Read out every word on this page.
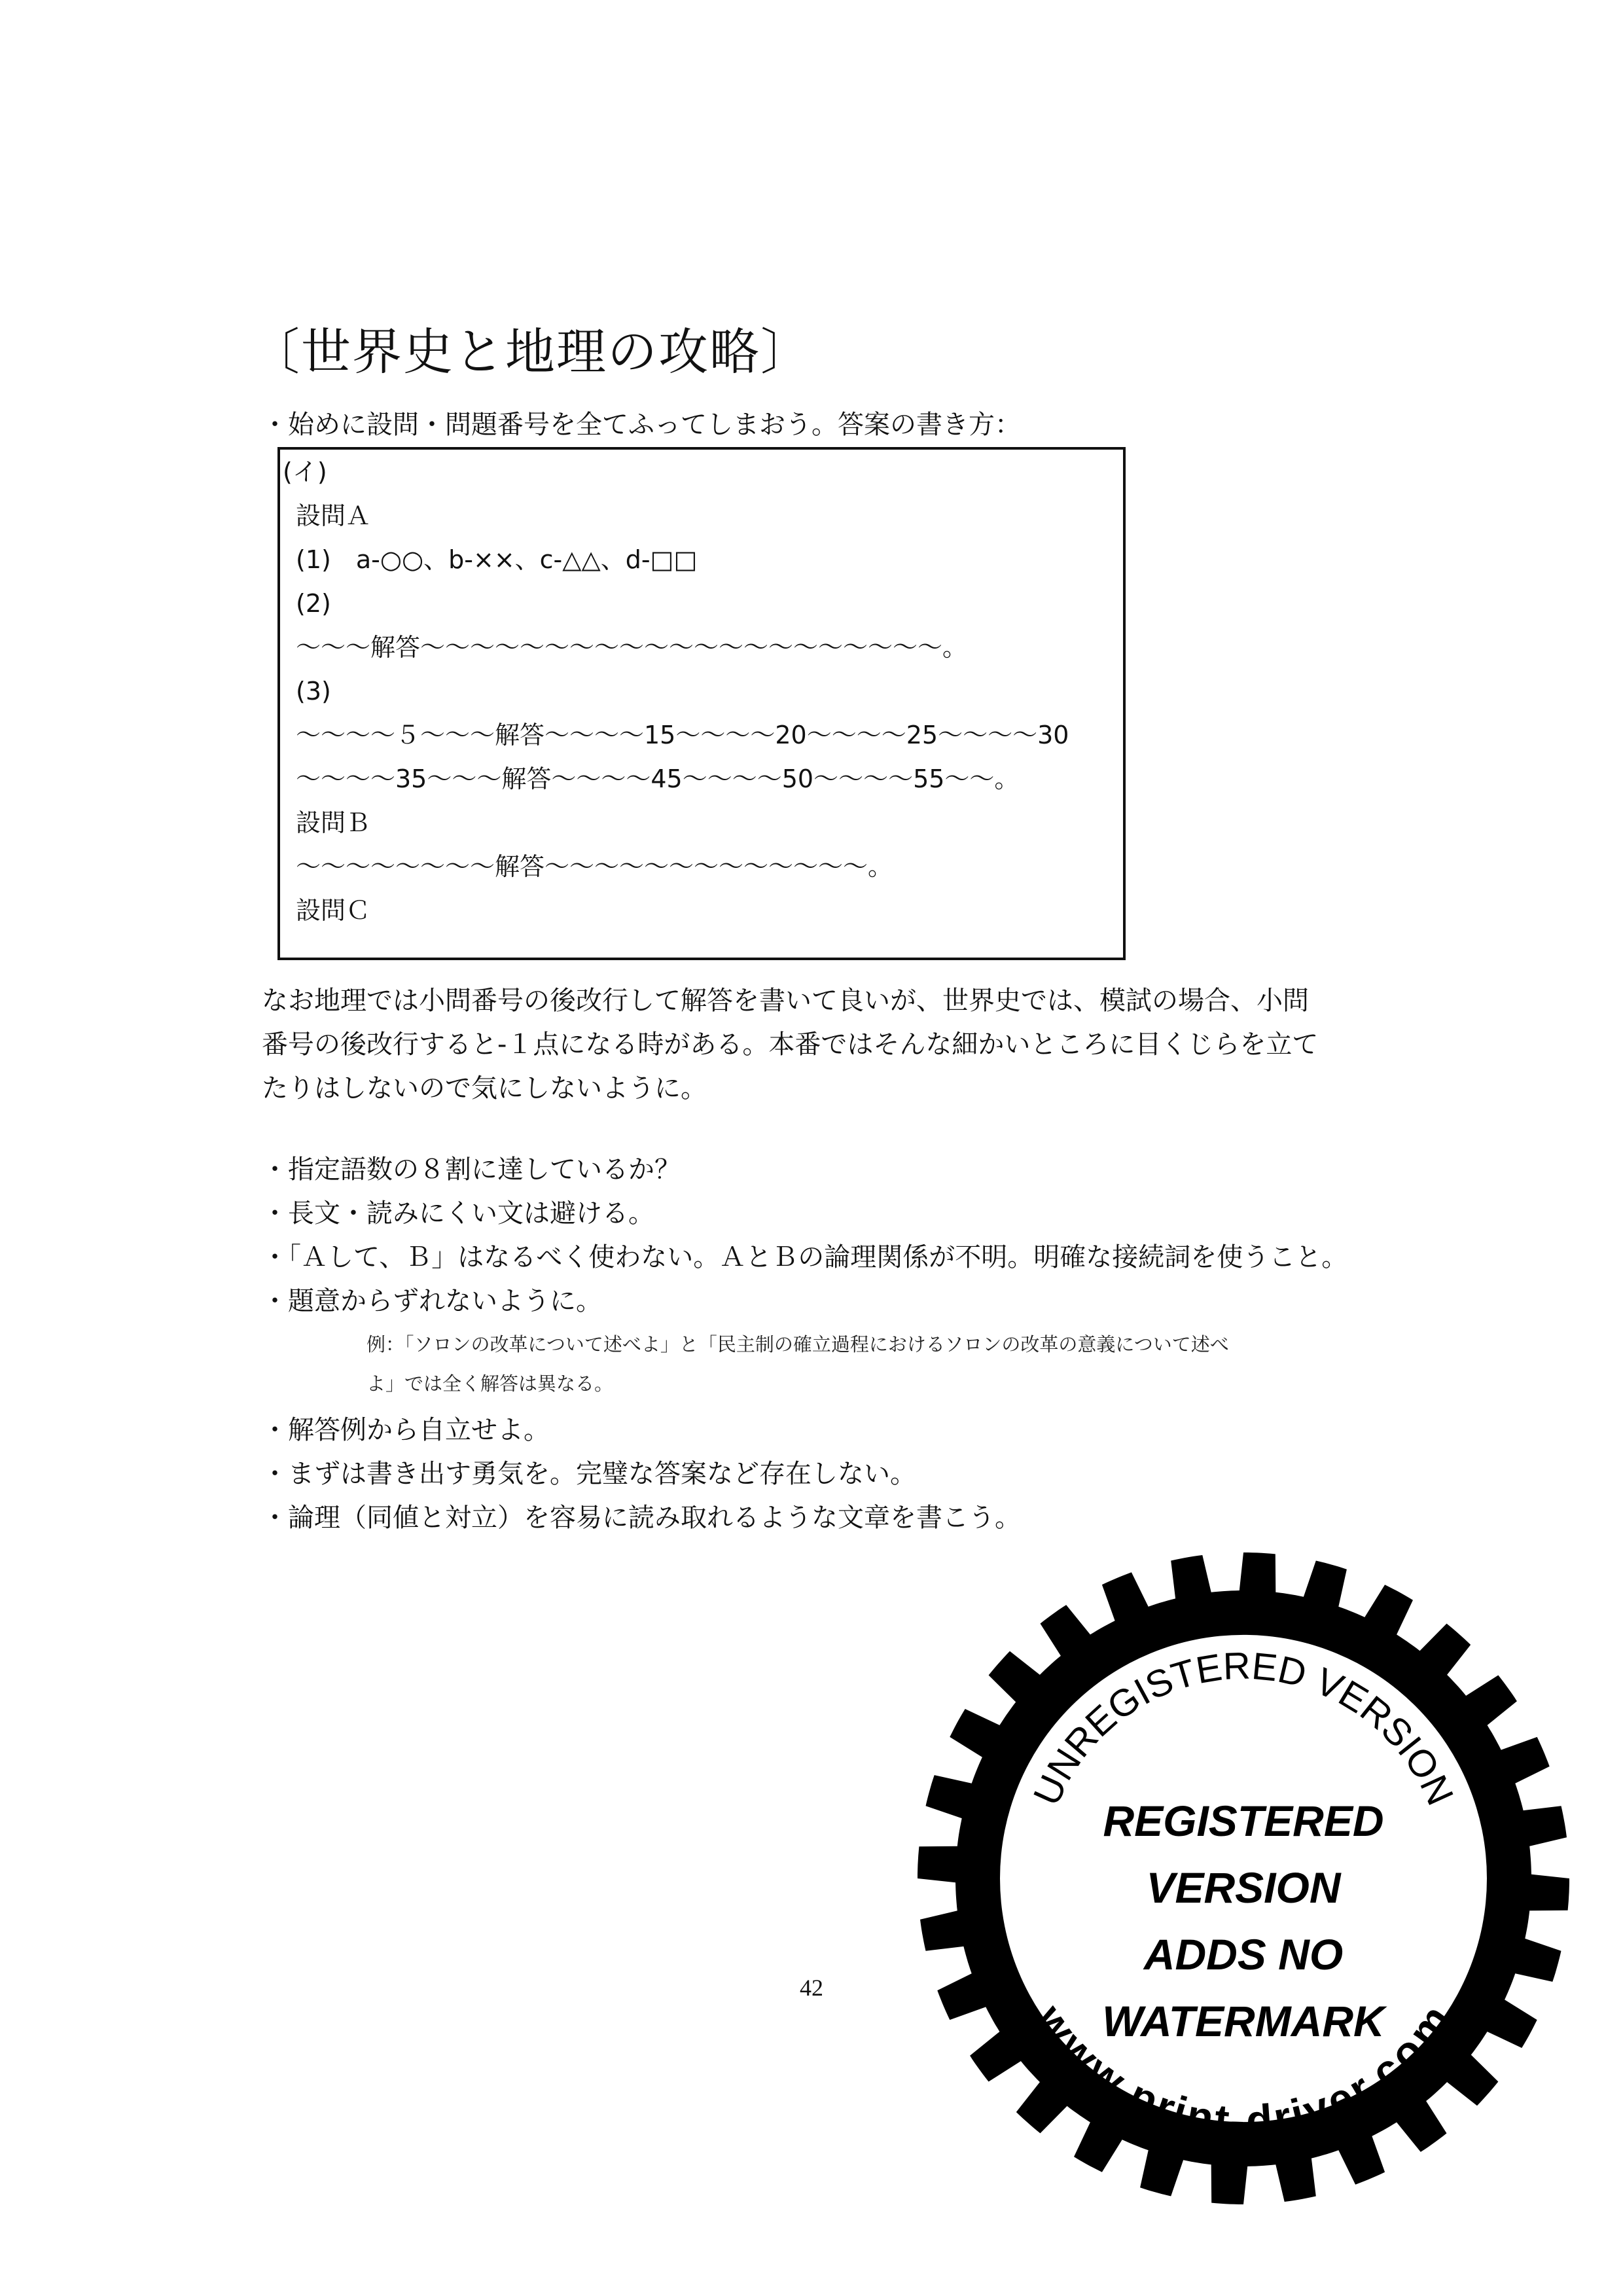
〔世界史と地理の攻略〕
・始めに設問・問題番号を全てふってしまおう。答案の書き方：
(イ)
設問Ａ
(1)　a-○○、b-××、c-△△、d-□□
(2)
〜〜〜解答〜〜〜〜〜〜〜〜〜〜〜〜〜〜〜〜〜〜〜〜〜。
(3)
〜〜〜〜５〜〜〜解答〜〜〜〜15〜〜〜〜20〜〜〜〜25〜〜〜〜30
〜〜〜〜35〜〜〜解答〜〜〜〜45〜〜〜〜50〜〜〜〜55〜〜。
設問Ｂ
〜〜〜〜〜〜〜〜解答〜〜〜〜〜〜〜〜〜〜〜〜〜。
設問Ｃ
なお地理では小問番号の後改行して解答を書いて良いが、世界史では、模試の場合、小問
番号の後改行すると-１点になる時がある。本番ではそんな細かいところに目くじらを立て
たりはしないので気にしないように。
・指定語数の８割に達しているか？
・長文・読みにくい文は避ける。
・「Ａして、Ｂ」はなるべく使わない。ＡとＢの論理関係が不明。明確な接続詞を使うこと。
・題意からずれないように。
例：「ソロンの改革について述べよ」と「民主制の確立過程におけるソロンの改革の意義について述べ
よ」では全く解答は異なる。
・解答例から自立せよ。
・まずは書き出す勇気を。完璧な答案など存在しない。
・論理（同値と対立）を容易に読み取れるような文章を書こう。
42
UNREGISTERED VERSION
REGISTERED
VERSION
ADDS NO
WATERMARK
www.print-driver.com
